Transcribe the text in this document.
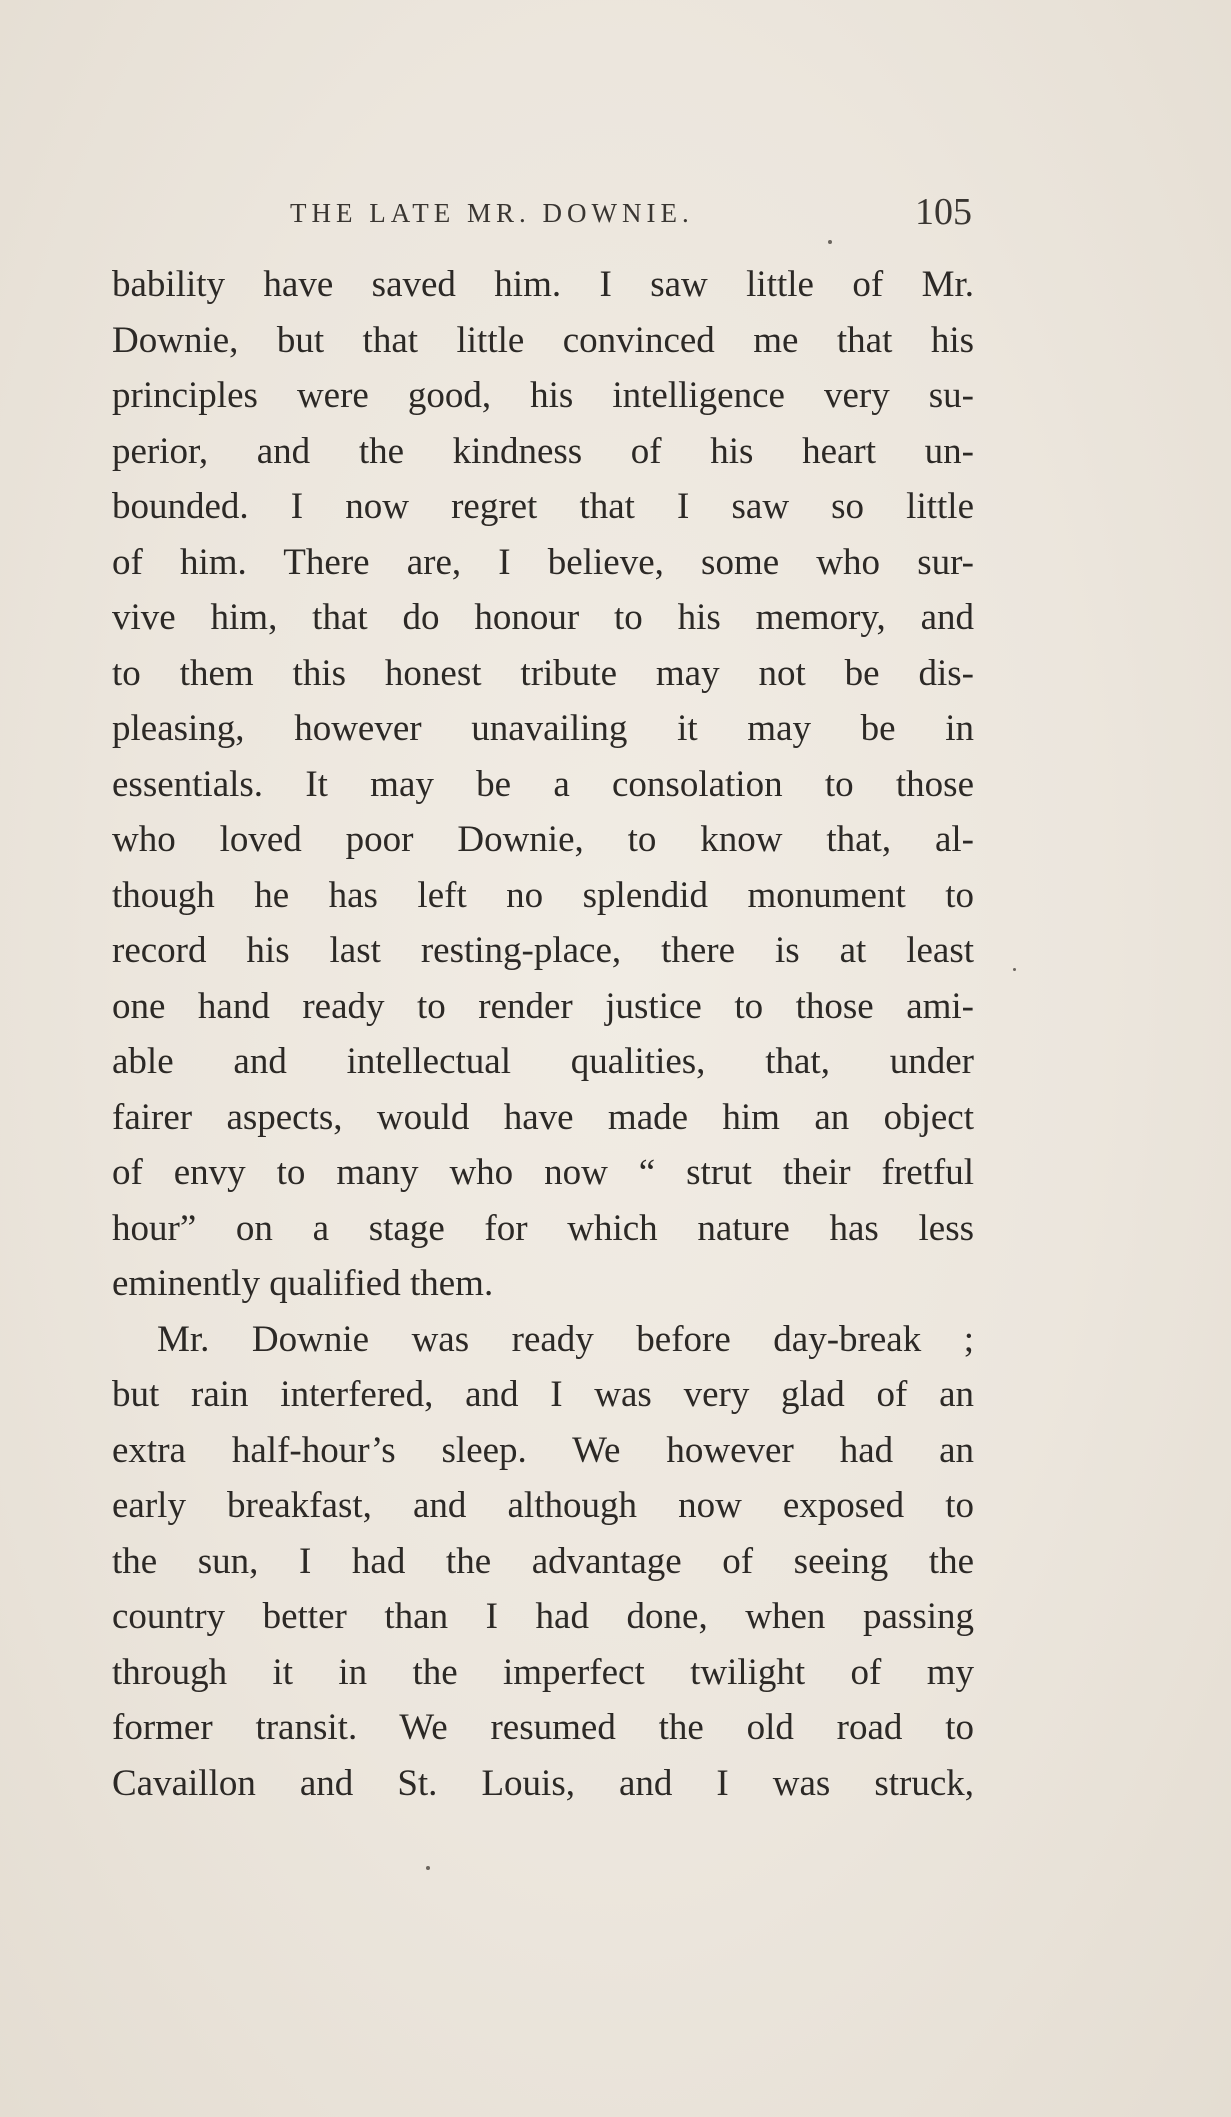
THE LATE MR. DOWNIE.	105
bability have saved him. I saw little of Mr.
Downie, but that little convinced me that his
principles were good, his intelligence very su-
perior, and the kindness of his heart un-
bounded. I now regret that I saw so little
of him. There are, I believe, some who sur-
vive him, that do honour to his memory, and
to them this honest tribute may not be dis-
pleasing, however unavailing it may be in
essentials. It may be a consolation to those
who loved poor Downie, to know that, al-
though he has left no splendid monument to
record his last resting-place, there is at least
one hand ready to render justice to those ami-
able and intellectual qualities, that, under
fairer aspects, would have made him an object
of envy to many who now “ strut their fretful
hour” on a stage for which nature has less
eminently qualified them.
Mr. Downie was ready before day-break ;
but rain interfered, and I was very glad of an
extra half-hour’s sleep. We however had an
early breakfast, and although now exposed to
the sun, I had the advantage of seeing the
country better than I had done, when passing
through it in the imperfect twilight of my
former transit. We resumed the old road to
Cavaillon and St. Louis, and I was struck,
